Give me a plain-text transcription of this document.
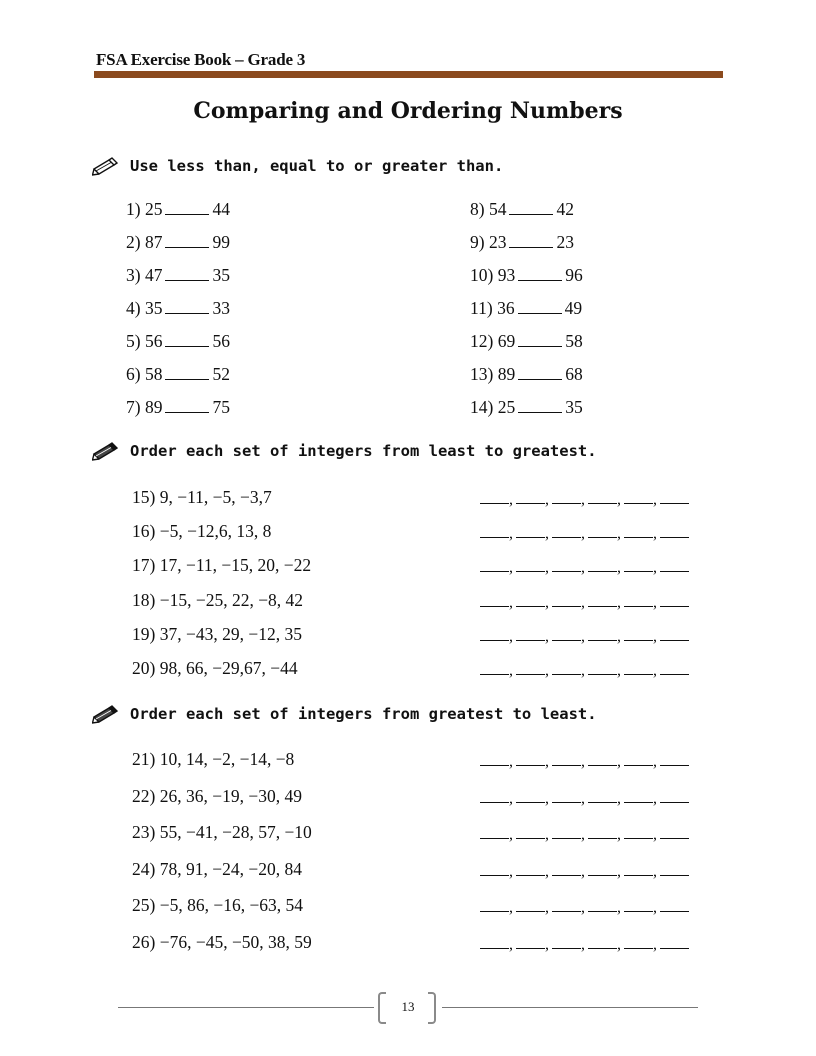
FSA Exercise Book – Grade 3
Comparing and Ordering Numbers
Use less than, equal to or greater than.
1) 25	44
2) 87	99
3) 47	35
4) 35	33
5) 56	56
6) 58	52
7) 89	75
8) 54	42
9) 23	23
10) 93	96
11) 36	49
12) 69	58
13) 89	68
14) 25	35
Order each set of integers from least to greatest.
15) 9, −11, −5, −3,7	, , , , ,
16) −5, −12,6, 13, 8	, , , , ,
17) 17, −11, −15, 20, −22	, , , , ,
18) −15, −25, 22, −8, 42	, , , , ,
19) 37, −43, 29, −12, 35	, , , , ,
20) 98, 66, −29,67, −44	, , , , ,
Order each set of integers from greatest to least.
21) 10, 14, −2, −14, −8	, , , , ,
22) 26, 36, −19, −30, 49	, , , , ,
23) 55, −41, −28, 57, −10	, , , , ,
24) 78, 91, −24, −20, 84	, , , , ,
25) −5, 86, −16, −63, 54	, , , , ,
26) −76, −45, −50, 38, 59	, , , , ,
13
